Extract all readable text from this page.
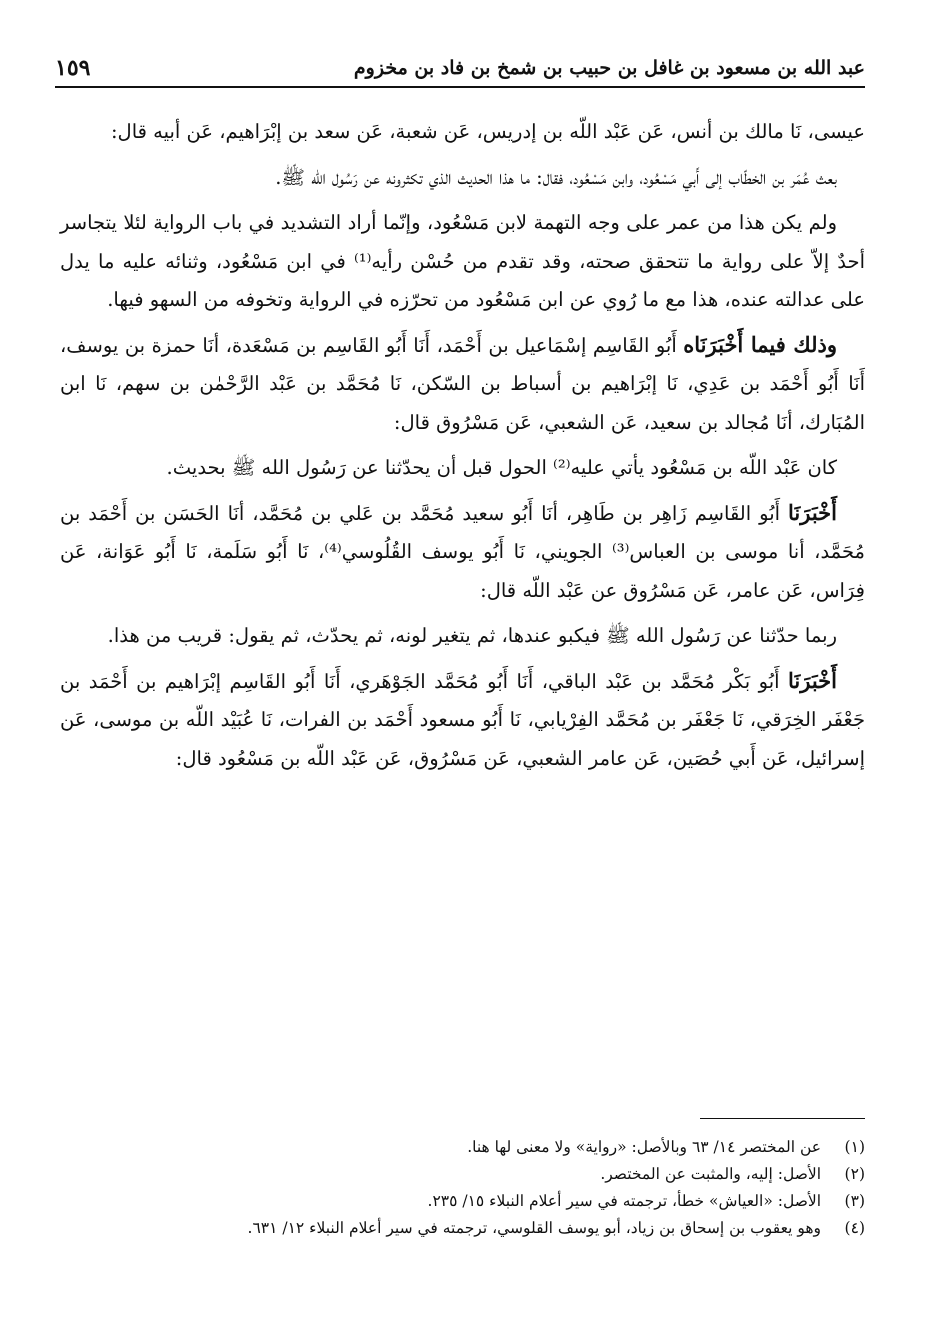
عبد الله بن مسعود بن غافل بن حبيب بن شمخ بن فاد بن مخزوم
١٥٩

عيسى، نَا مالك بن أنس، عَن عَبْد اللّه بن إدريس، عَن شعبة، عَن سعد بن إبْرَاهيم، عَن أبيه قال:

بعث عُمَر بن الخطّاب إلى أَبي مَسْعُود، وابن مَسْعُود، فقال: ما هذا الحديث الذي تكثرونه عن رَسُول الله ﷺ.

ولم يكن هذا من عمر على وجه التهمة لابن مَسْعُود، وإنّما أراد التشديد في باب الرواية لئلا يتجاسر أحدٌ إلاّ على رواية ما تتحقق صحته، وقد تقدم من حُسْن رأيه⁽¹⁾ في ابن مَسْعُود، وثنائه عليه ما يدل على عدالته عنده، هذا مع ما رُوي عن ابن مَسْعُود من تحرّزه في الرواية وتخوفه من السهو فيها.

وذلك فيما أَخْبَرَنَاه أَبُو القَاسِم إسْمَاعيل بن أَحْمَد، أَنَا أَبُو القَاسِم بن مَسْعَدة، أنَا حمزة بن يوسف، أَنَا أَبُو أَحْمَد بن عَدِي، نَا إبْرَاهيم بن أسباط بن السّكن، نَا مُحَمَّد بن عَبْد الرَّحْمٰن بن سهم، نَا ابن المُبَارك، أنَا مُجالد بن سعيد، عَن الشعبي، عَن مَسْرُوق قال:

كان عَبْد اللّه بن مَسْعُود يأتي عليه⁽²⁾ الحول قبل أن يحدّثنا عن رَسُول الله ﷺ بحديث.

أَخْبَرَنَا أَبُو القَاسِم زَاهِر بن طَاهِر، أنَا أَبُو سعيد مُحَمَّد بن عَلي بن مُحَمَّد، أنَا الحَسَن بن أَحْمَد بن مُحَمَّد، أنا موسى بن العباس⁽³⁾ الجويني، نَا أَبُو يوسف القُلُوسي⁽⁴⁾، نَا أَبُو سَلَمة، نَا أَبُو عَوَانة، عَن فِرَاس، عَن عامر، عَن مَسْرُوق عن عَبْد اللّه قال:

ربما حدّثنا عن رَسُول الله ﷺ فيكبو عندها، ثم يتغير لونه، ثم يحدّث، ثم يقول: قريب من هذا.

أَخْبَرَنَا أَبُو بَكْر مُحَمَّد بن عَبْد الباقي، أَنَا أَبُو مُحَمَّد الجَوْهَري، أَنَا أَبُو القَاسِم إبْرَاهيم بن أَحْمَد بن جَعْفَر الخِرَقي، نَا جَعْفَر بن مُحَمَّد الفِرْيابي، نَا أَبُو مسعود أَحْمَد بن الفرات، نَا عُبَيْد اللّه بن موسى، عَن إسرائيل، عَن أَبي حُصَين، عَن عامر الشعبي، عَن مَسْرُوق، عَن عَبْد اللّه بن مَسْعُود قال:

(١)
عن المختصر ١٤/ ٦٣ وبالأصل: «رواية» ولا معنى لها هنا.
(٢)
الأصل: إليه، والمثبت عن المختصر.
(٣)
الأصل: «العياش» خطأ، ترجمته في سير أعلام النبلاء ١٥/ ٢٣٥.
(٤)
وهو يعقوب بن إسحاق بن زياد، أبو يوسف القلوسي، ترجمته في سير أعلام النبلاء ١٢/ ٦٣١.
